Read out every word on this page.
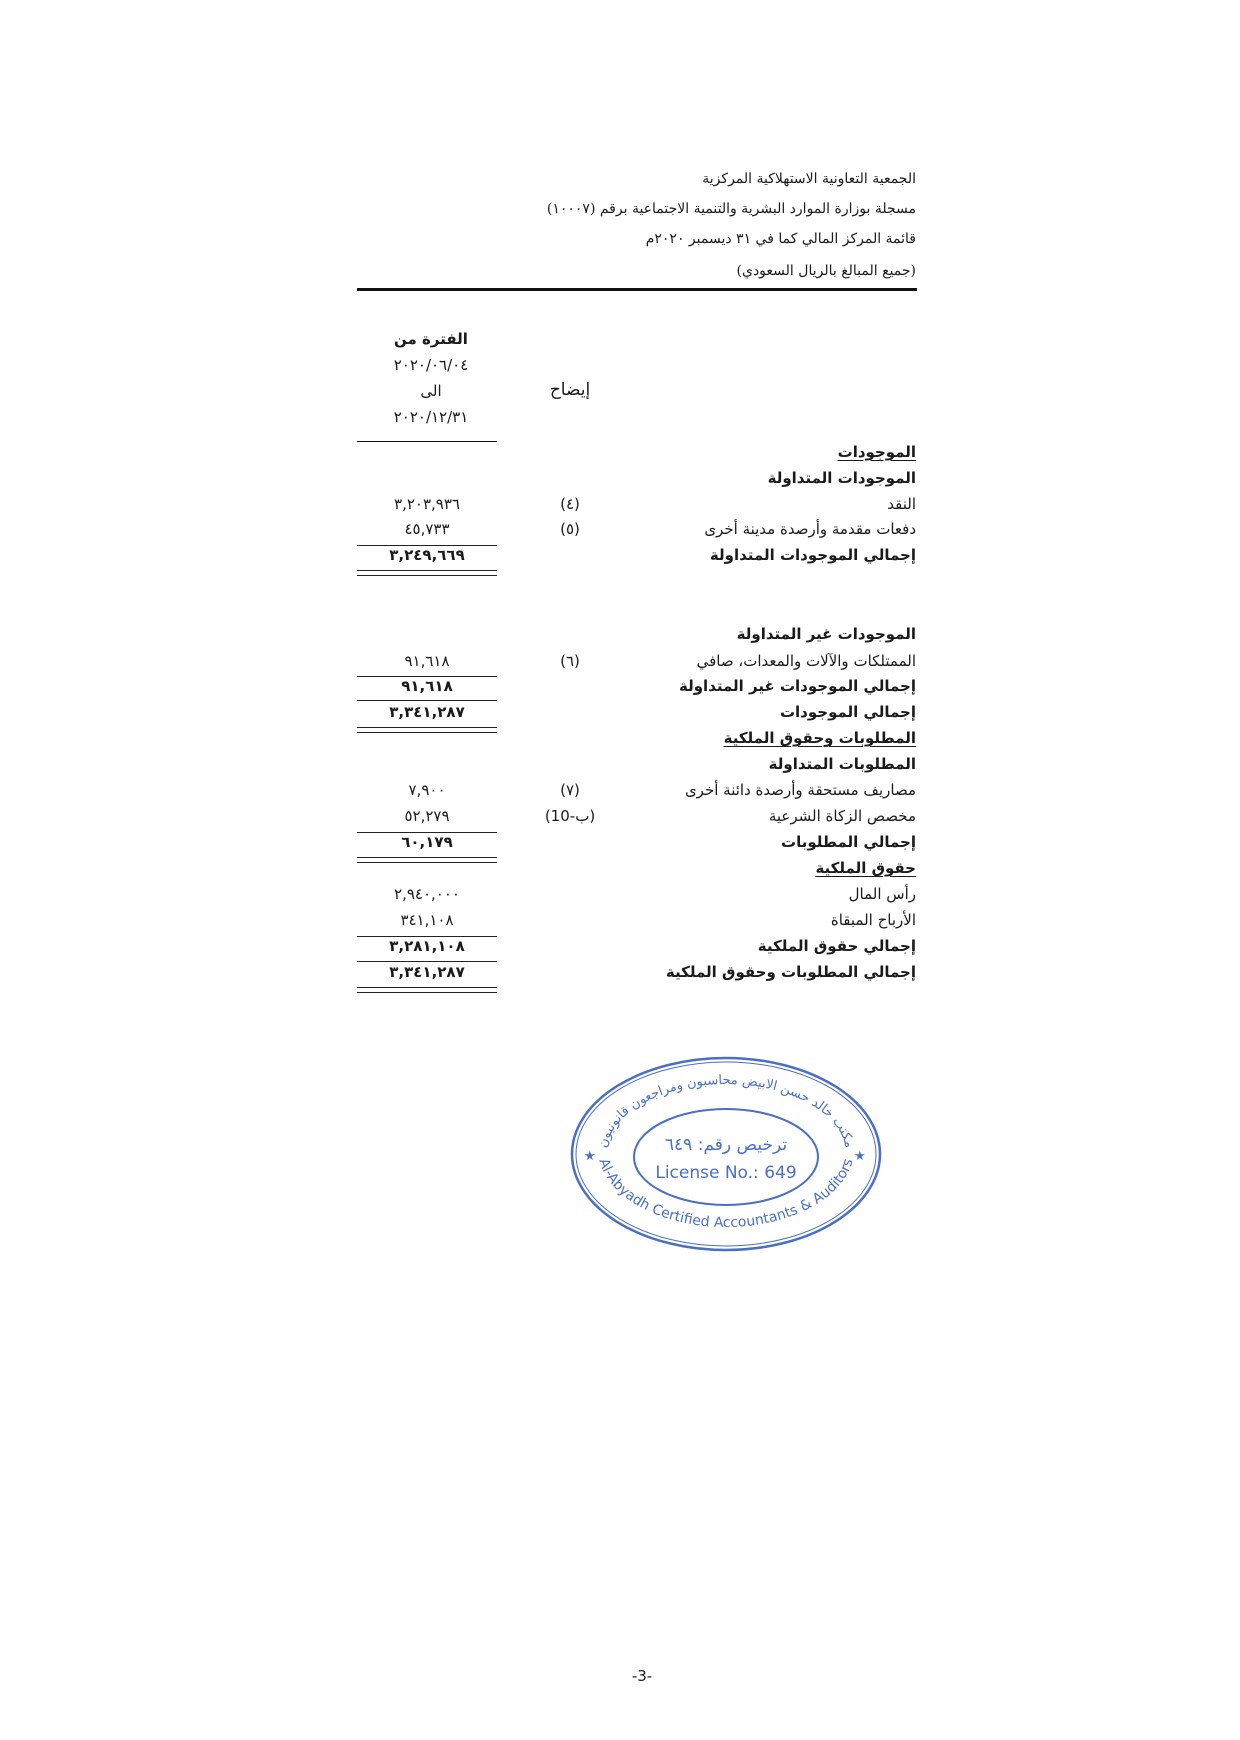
الجمعية التعاونية الاستهلاكية المركزية
مسجلة بوزارة الموارد البشرية والتنمية الاجتماعية برقم (١٠٠٠٧)
قائمة المركز المالي كما في ٣١ ديسمبر ٢٠٢٠م
(جميع المبالغ بالريال السعودي)
الفترة من
٢٠٢٠/٠٦/٠٤
الى
٢٠٢٠/١٢/٣١
إيضاح
الموجودات
الموجودات المتداولة
النقد
(٤)
٣,٢٠٣,٩٣٦
دفعات مقدمة وأرصدة مدينة أخرى
(٥)
٤٥,٧٣٣
إجمالي الموجودات المتداولة
٣,٢٤٩,٦٦٩
الموجودات غير المتداولة
الممتلكات والآلات والمعدات، صافي
(٦)
٩١,٦١٨
إجمالي الموجودات غير المتداولة
٩١,٦١٨
إجمالي الموجودات
٣,٣٤١,٢٨٧
المطلوبات وحقوق الملكية
المطلوبات المتداولة
مصاريف مستحقة وأرصدة دائنة أخرى
(٧)
٧,٩٠٠
مخصص الزكاة الشرعية
(10-ب)
٥٢,٢٧٩
إجمالي المطلوبات
٦٠,١٧٩
حقوق الملكية
رأس المال
٢,٩٤٠,٠٠٠
الأرباح المبقاة
٣٤١,١٠٨
إجمالي حقوق الملكية
٣,٢٨١,١٠٨
إجمالي المطلوبات وحقوق الملكية
٣,٣٤١,٢٨٧
مكتب خالد حسن الابيض محاسبون ومراجعون قانونيون
Al-Abyadh Certified Accountants & Auditors
ترخيص رقم: ٦٤٩
License No.: 649
★	★
-3-
